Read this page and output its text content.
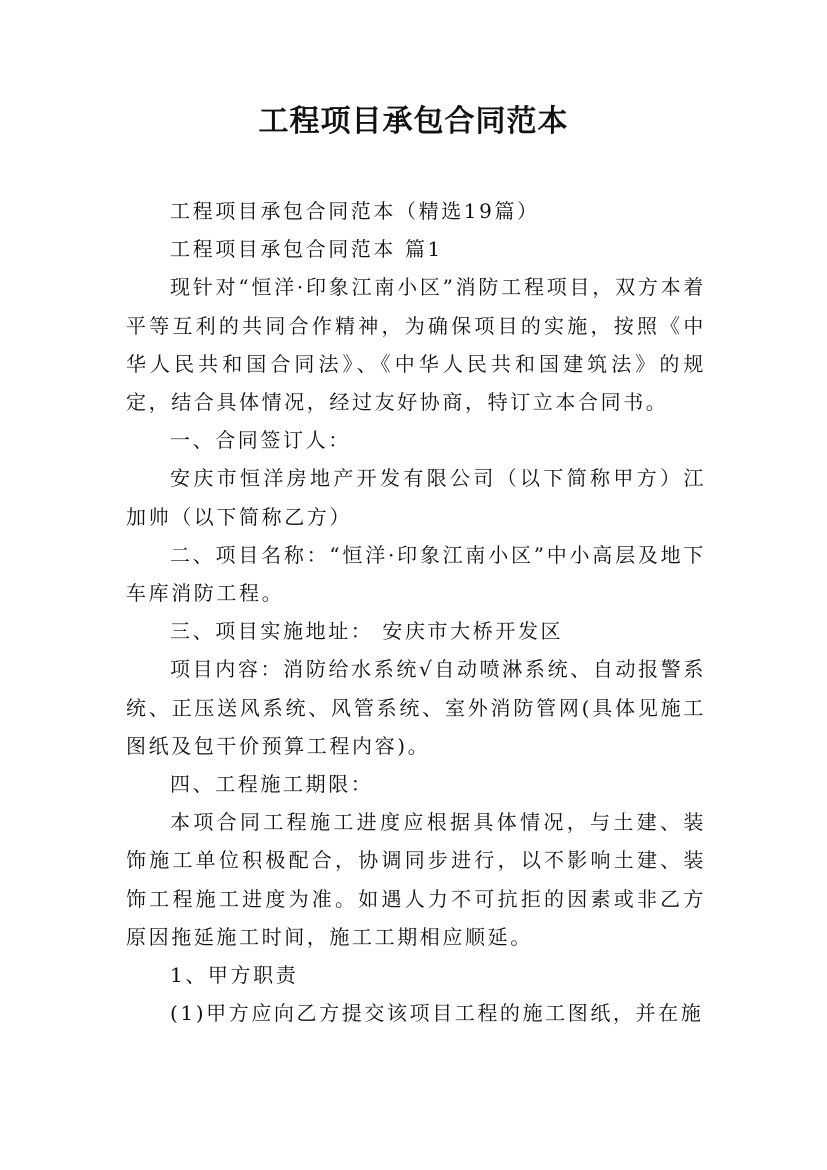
工程项目承包合同范本

工程项目承包合同范本（精选19篇）

工程项目承包合同范本 篇1

现针对“恒洋·印象江南小区”消防工程项目，双方本着平等互利的共同合作精神，为确保项目的实施，按照《中华人民共和国合同法》、《中华人民共和国建筑法》的规定，结合具体情况，经过友好协商，特订立本合同书。

一、合同签订人：

安庆市恒洋房地产开发有限公司（以下简称甲方）江加帅（以下简称乙方）

二、项目名称：“恒洋·印象江南小区”中小高层及地下车库消防工程。

三、项目实施地址： 安庆市大桥开发区

项目内容：消防给水系统√自动喷淋系统、自动报警系统、正压送风系统、风管系统、室外消防管网(具体见施工图纸及包干价预算工程内容)。

四、工程施工期限：

本项合同工程施工进度应根据具体情况，与土建、装饰施工单位积极配合，协调同步进行，以不影响土建、装饰工程施工进度为准。如遇人力不可抗拒的因素或非乙方原因拖延施工时间，施工工期相应顺延。

1、甲方职责

(1)甲方应向乙方提交该项目工程的施工图纸，并在施
